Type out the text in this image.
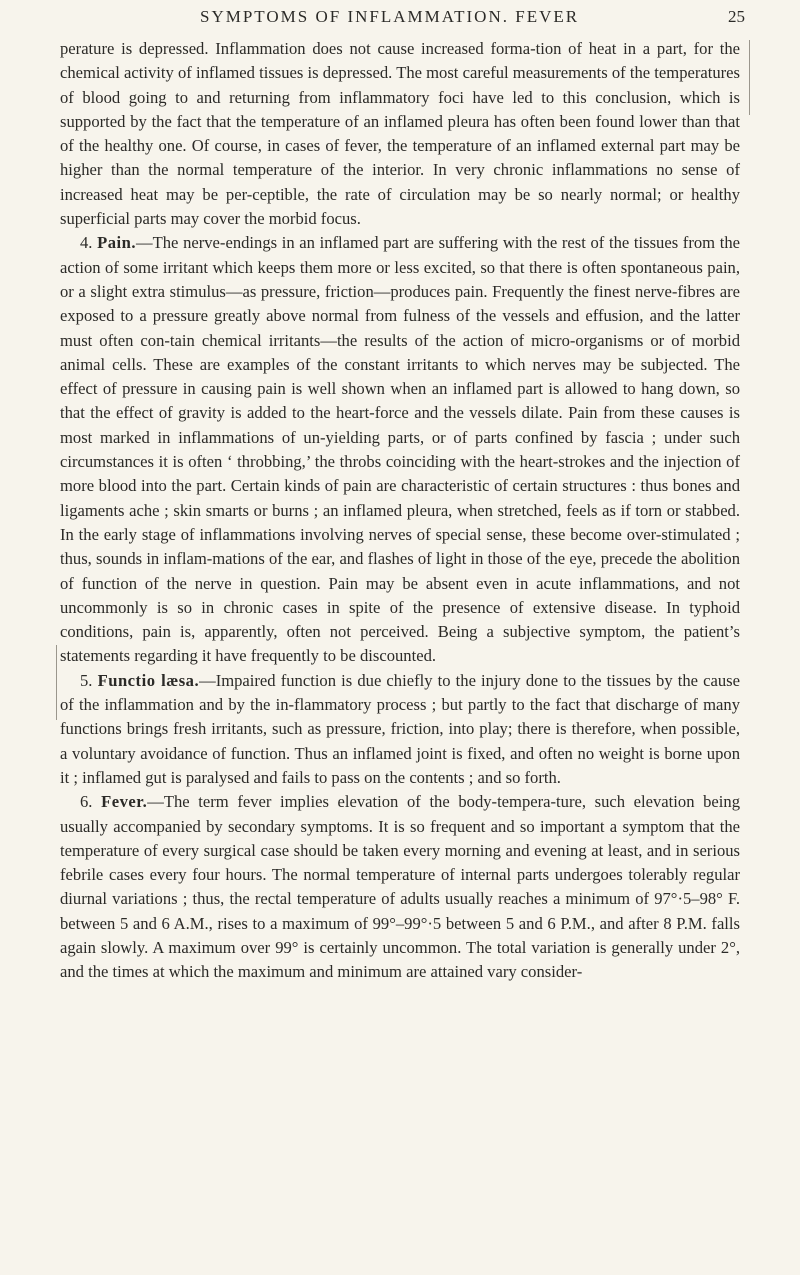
SYMPTOMS OF INFLAMMATION. FEVER	25

perature is depressed. Inflammation does not cause increased forma-tion of heat in a part, for the chemical activity of inflamed tissues is depressed. The most careful measurements of the temperatures of blood going to and returning from inflammatory foci have led to this conclusion, which is supported by the fact that the temperature of an inflamed pleura has often been found lower than that of the healthy one. Of course, in cases of fever, the temperature of an inflamed external part may be higher than the normal temperature of the interior. In very chronic inflammations no sense of increased heat may be per-ceptible, the rate of circulation may be so nearly normal; or healthy superficial parts may cover the morbid focus.

4. Pain.—The nerve-endings in an inflamed part are suffering with the rest of the tissues from the action of some irritant which keeps them more or less excited, so that there is often spontaneous pain, or a slight extra stimulus—as pressure, friction—produces pain. Frequently the finest nerve-fibres are exposed to a pressure greatly above normal from fulness of the vessels and effusion, and the latter must often con-tain chemical irritants—the results of the action of micro-organisms or of morbid animal cells. These are examples of the constant irritants to which nerves may be subjected. The effect of pressure in causing pain is well shown when an inflamed part is allowed to hang down, so that the effect of gravity is added to the heart-force and the vessels dilate. Pain from these causes is most marked in inflammations of un-yielding parts, or of parts confined by fascia ; under such circumstances it is often ‘ throbbing,’ the throbs coinciding with the heart-strokes and the injection of more blood into the part. Certain kinds of pain are characteristic of certain structures : thus bones and ligaments ache ; skin smarts or burns ; an inflamed pleura, when stretched, feels as if torn or stabbed. In the early stage of inflammations involving nerves of special sense, these become over-stimulated ; thus, sounds in inflam-mations of the ear, and flashes of light in those of the eye, precede the abolition of function of the nerve in question. Pain may be absent even in acute inflammations, and not uncommonly is so in chronic cases in spite of the presence of extensive disease. In typhoid conditions, pain is, apparently, often not perceived. Being a subjective symptom, the patient’s statements regarding it have frequently to be discounted.

5. Functio læsa.—Impaired function is due chiefly to the injury done to the tissues by the cause of the inflammation and by the in-flammatory process ; but partly to the fact that discharge of many functions brings fresh irritants, such as pressure, friction, into play; there is therefore, when possible, a voluntary avoidance of function. Thus an inflamed joint is fixed, and often no weight is borne upon it ; inflamed gut is paralysed and fails to pass on the contents ; and so forth.

6. Fever.—The term fever implies elevation of the body-tempera-ture, such elevation being usually accompanied by secondary symptoms. It is so frequent and so important a symptom that the temperature of every surgical case should be taken every morning and evening at least, and in serious febrile cases every four hours. The normal temperature of internal parts undergoes tolerably regular diurnal variations ; thus, the rectal temperature of adults usually reaches a minimum of 97°·5–98° F. between 5 and 6 A.M., rises to a maximum of 99°–99°·5 between 5 and 6 P.M., and after 8 P.M. falls again slowly. A maximum over 99° is certainly uncommon. The total variation is generally under 2°, and the times at which the maximum and minimum are attained vary consider-
